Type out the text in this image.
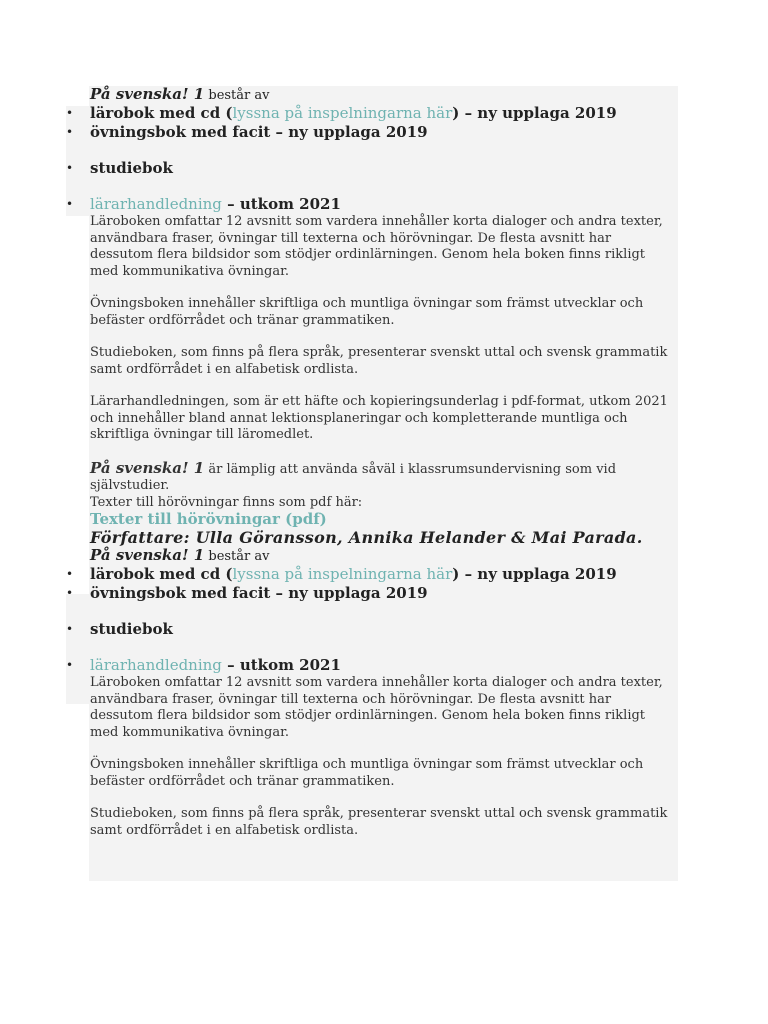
På svenska! 1 består av

• lärobok med cd (lyssna på inspelningarna här) – ny upplaga 2019
• övningsbok med facit – ny upplaga 2019
• studiebok
• lärarhandledning – utkom 2021

Läroboken omfattar 12 avsnitt som vardera innehåller korta dialoger och andra texter, användbara fraser, övningar till texterna och hörövningar. De flesta avsnitt har dessutom flera bildsidor som stödjer ordinlärningen. Genom hela boken finns rikligt med kommunikativa övningar.

Övningsboken innehåller skriftliga och muntliga övningar som främst utvecklar och befäster ordförrådet och tränar grammatiken.

Studieboken, som finns på flera språk, presenterar svenskt uttal och svensk grammatik samt ordförrådet i en alfabetisk ordlista.

Lärarhandledningen, som är ett häfte och kopieringsunderlag i pdf-format, utkom 2021 och innehåller bland annat lektionsplaneringar och kompletterande muntliga och skriftliga övningar till läromedlet.

På svenska! 1 är lämplig att använda såväl i klassrumsundervisning som vid självstudier.

Texter till hörövningar finns som pdf här:

Texter till hörövningar (pdf)
Författare: Ulla Göransson, Annika Helander & Mai Parada.

På svenska! 1 består av

• lärobok med cd (lyssna på inspelningarna här) – ny upplaga 2019
• övningsbok med facit – ny upplaga 2019
• studiebok
• lärarhandledning – utkom 2021

Läroboken omfattar 12 avsnitt som vardera innehåller korta dialoger och andra texter, användbara fraser, övningar till texterna och hörövningar. De flesta avsnitt har dessutom flera bildsidor som stödjer ordinlärningen. Genom hela boken finns rikligt med kommunikativa övningar.

Övningsboken innehåller skriftliga och muntliga övningar som främst utvecklar och befäster ordförrådet och tränar grammatiken.

Studieboken, som finns på flera språk, presenterar svenskt uttal och svensk grammatik samt ordförrådet i en alfabetisk ordlista.
